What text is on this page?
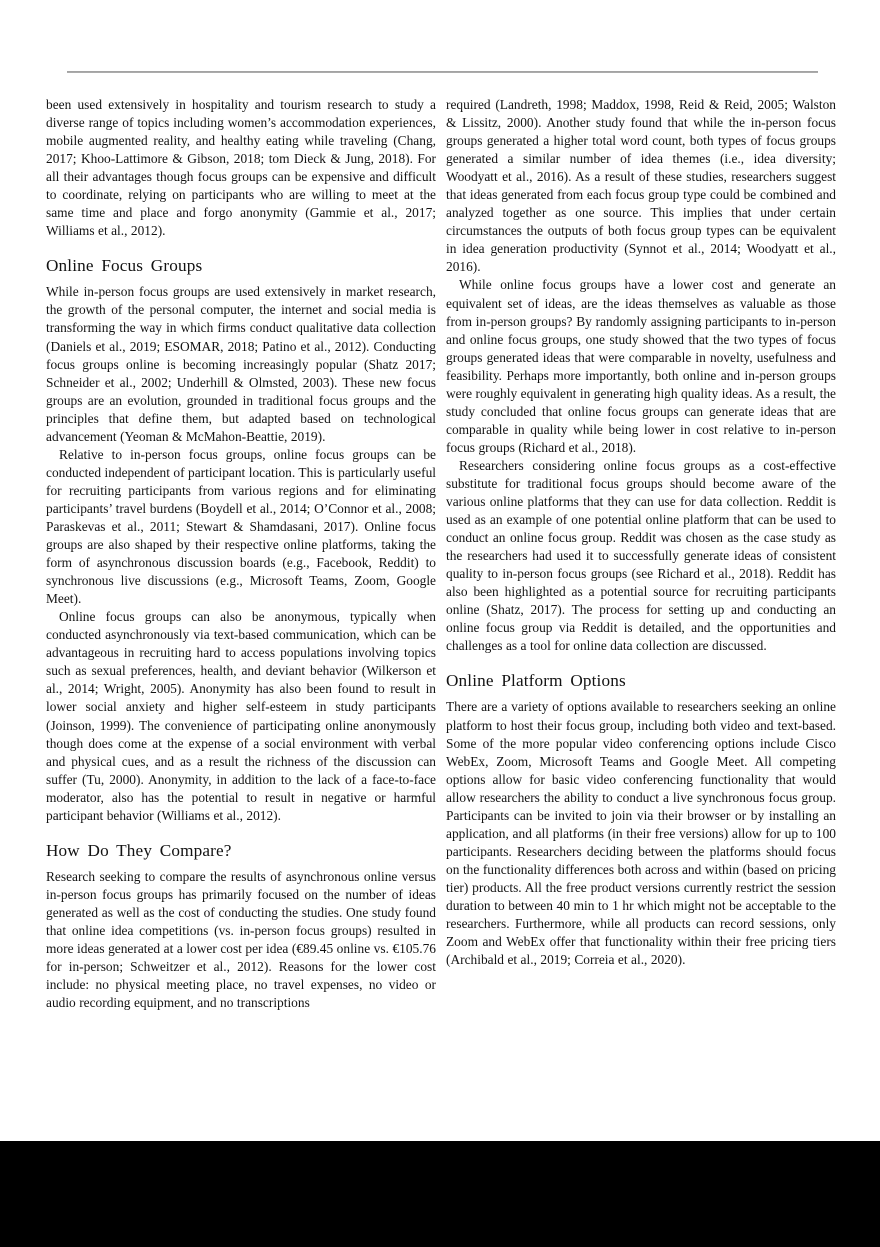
been used extensively in hospitality and tourism research to study a diverse range of topics including women’s accommodation experiences, mobile augmented reality, and healthy eating while traveling (Chang, 2017; Khoo-Lattimore & Gibson, 2018; tom Dieck & Jung, 2018). For all their advantages though focus groups can be expensive and difficult to coordinate, relying on participants who are willing to meet at the same time and place and forgo anonymity (Gammie et al., 2017; Williams et al., 2012).

Online Focus Groups

While in-person focus groups are used extensively in market research, the growth of the personal computer, the internet and social media is transforming the way in which firms conduct qualitative data collection (Daniels et al., 2019; ESOMAR, 2018; Patino et al., 2012). Conducting focus groups online is becoming increasingly popular (Shatz 2017; Schneider et al., 2002; Underhill & Olmsted, 2003). These new focus groups are an evolution, grounded in traditional focus groups and the principles that define them, but adapted based on technological advancement (Yeoman & McMahon-Beattie, 2019).

Relative to in-person focus groups, online focus groups can be conducted independent of participant location. This is particularly useful for recruiting participants from various regions and for eliminating participants’ travel burdens (Boydell et al., 2014; O’Connor et al., 2008; Paraskevas et al., 2011; Stewart & Shamdasani, 2017). Online focus groups are also shaped by their respective online platforms, taking the form of asynchronous discussion boards (e.g., Facebook, Reddit) to synchronous live discussions (e.g., Microsoft Teams, Zoom, Google Meet).

Online focus groups can also be anonymous, typically when conducted asynchronously via text-based communication, which can be advantageous in recruiting hard to access populations involving topics such as sexual preferences, health, and deviant behavior (Wilkerson et al., 2014; Wright, 2005). Anonymity has also been found to result in lower social anxiety and higher self-esteem in study participants (Joinson, 1999). The convenience of participating online anonymously though does come at the expense of a social environment with verbal and physical cues, and as a result the richness of the discussion can suffer (Tu, 2000). Anonymity, in addition to the lack of a face-to-face moderator, also has the potential to result in negative or harmful participant behavior (Williams et al., 2012).

How Do They Compare?

Research seeking to compare the results of asynchronous online versus in-person focus groups has primarily focused on the number of ideas generated as well as the cost of conducting the studies. One study found that online idea competitions (vs. in-person focus groups) resulted in more ideas generated at a lower cost per idea (€89.45 online vs. €105.76 for in-person; Schweitzer et al., 2012). Reasons for the lower cost include: no physical meeting place, no travel expenses, no video or audio recording equipment, and no transcriptions

required (Landreth, 1998; Maddox, 1998, Reid & Reid, 2005; Walston & Lissitz, 2000). Another study found that while the in-person focus groups generated a higher total word count, both types of focus groups generated a similar number of idea themes (i.e., idea diversity; Woodyatt et al., 2016). As a result of these studies, researchers suggest that ideas generated from each focus group type could be combined and analyzed together as one source. This implies that under certain circumstances the outputs of both focus group types can be equivalent in idea generation productivity (Synnot et al., 2014; Woodyatt et al., 2016).

While online focus groups have a lower cost and generate an equivalent set of ideas, are the ideas themselves as valuable as those from in-person groups? By randomly assigning participants to in-person and online focus groups, one study showed that the two types of focus groups generated ideas that were comparable in novelty, usefulness and feasibility. Perhaps more importantly, both online and in-person groups were roughly equivalent in generating high quality ideas. As a result, the study concluded that online focus groups can generate ideas that are comparable in quality while being lower in cost relative to in-person focus groups (Richard et al., 2018).

Researchers considering online focus groups as a cost-effective substitute for traditional focus groups should become aware of the various online platforms that they can use for data collection. Reddit is used as an example of one potential online platform that can be used to conduct an online focus group. Reddit was chosen as the case study as the researchers had used it to successfully generate ideas of consistent quality to in-person focus groups (see Richard et al., 2018). Reddit has also been highlighted as a potential source for recruiting participants online (Shatz, 2017). The process for setting up and conducting an online focus group via Reddit is detailed, and the opportunities and challenges as a tool for online data collection are discussed.

Online Platform Options

There are a variety of options available to researchers seeking an online platform to host their focus group, including both video and text-based. Some of the more popular video conferencing options include Cisco WebEx, Zoom, Microsoft Teams and Google Meet. All competing options allow for basic video conferencing functionality that would allow researchers the ability to conduct a live synchronous focus group. Participants can be invited to join via their browser or by installing an application, and all platforms (in their free versions) allow for up to 100 participants. Researchers deciding between the platforms should focus on the functionality differences both across and within (based on pricing tier) products. All the free product versions currently restrict the session duration to between 40 min to 1 hr which might not be acceptable to the researchers. Furthermore, while all products can record sessions, only Zoom and WebEx offer that functionality within their free pricing tiers (Archibald et al., 2019; Correia et al., 2020).
